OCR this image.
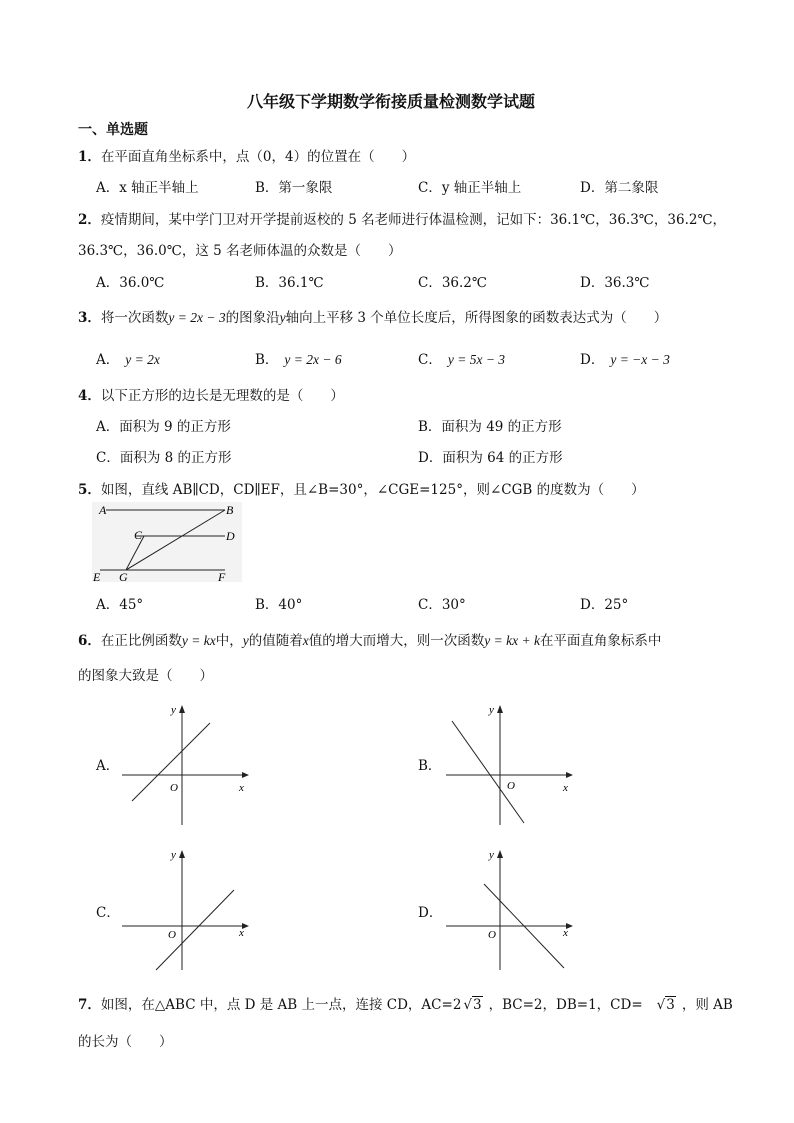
八年级下学期数学衔接质量检测数学试题
一、单选题
1．在平面直角坐标系中，点（0，4）的位置在（　　）
A．x 轴正半轴上	B．第一象限	C．y 轴正半轴上	D．第二象限
2．疫情期间，某中学门卫对开学提前返校的 5 名老师进行体温检测，记如下：36.1℃，36.3℃，36.2℃，
36.3℃，36.0℃，这 5 名老师体温的众数是（　　）
A．36.0℃	B．36.1℃	C．36.2℃	D．36.3℃
3．将一次函数y = 2x − 3的图象沿y轴向上平移 3 个单位长度后，所得图象的函数表达式为（　　）
A． y = 2x	B． y = 2x − 6	C． y = 5x − 3	D． y = −x − 3
4．以下正方形的边长是无理数的是（　　）
A．面积为 9 的正方形	B．面积为 49 的正方形
C．面积为 8 的正方形	D．面积为 64 的正方形
5．如图，直线 AB∥CD，CD∥EF，且∠B=30°，∠CGE=125°，则∠CGB 的度数为（　　）
A	B
C	D
E G	F
A．45°	B．40°	C．30°	D．25°
6．在正比例函数y = kx中，y的值随着x值的增大而增大，则一次函数y = kx + k在平面直角象标系中
的图象大致是（　　）
A．
x
y
O
B．
x
y
O
C．
x
y
O
D．
x
y
O
7．如图，在△ABC 中，点 D 是 AB 上一点，连接 CD，AC=2 √3 ，BC=2，DB=1，CD= √3 ，则 AB
的长为（　　）
